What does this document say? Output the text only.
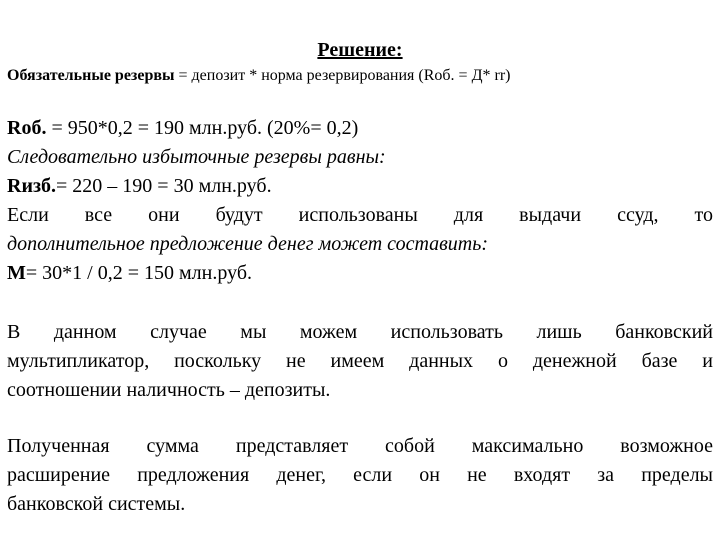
Решение:
Обязательные резервы = депозит * норма резервирования (Rоб. = Д* rr)
Rоб. = 950*0,2 = 190 млн.руб. (20%= 0,2)
Следовательно избыточные резервы равны:
Rизб.= 220 – 190 = 30 млн.руб.
Если все они будут использованы для выдачи ссуд, то
дополнительное предложение денег может составить:
М= 30*1 / 0,2 = 150 млн.руб.
В данном случае мы можем использовать лишь банковский
мультипликатор, поскольку не имеем данных о денежной базе и
соотношении наличность – депозиты.
Полученная сумма представляет собой максимально возможное
расширение предложения денег, если он не входят за пределы
банковской системы.
